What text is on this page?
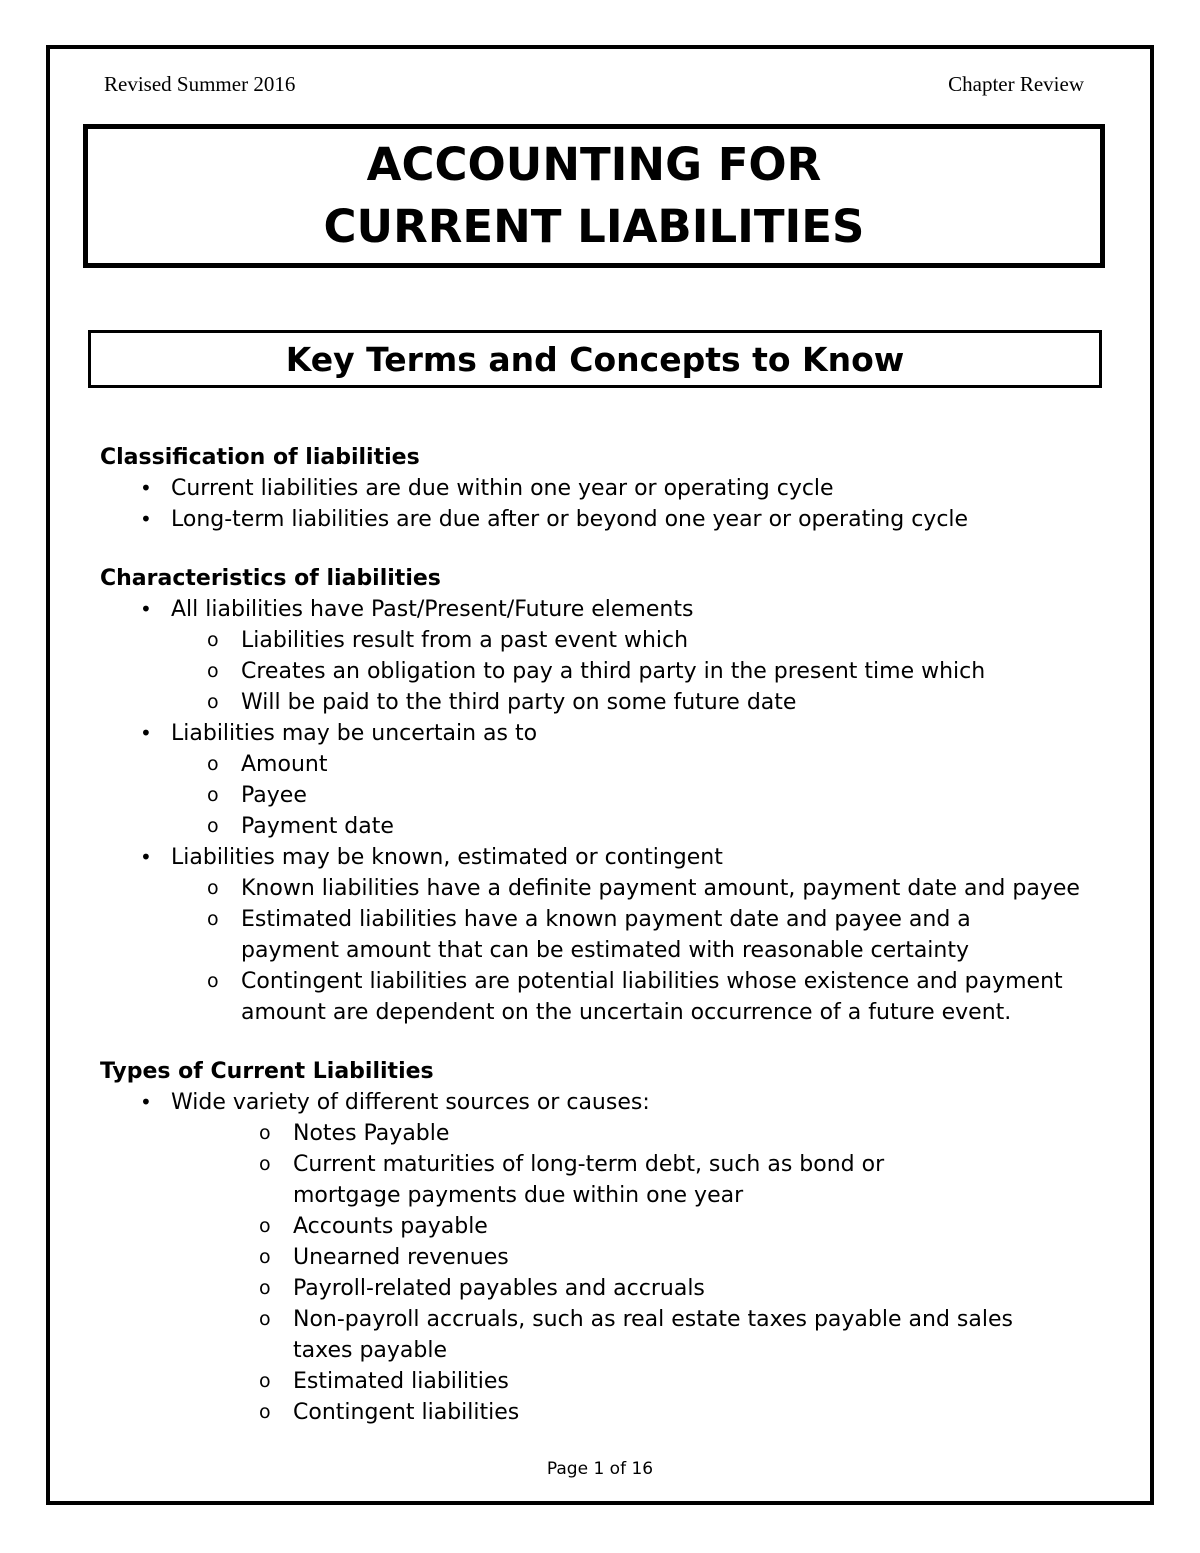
Revised Summer 2016	Chapter Review
ACCOUNTING FOR
CURRENT LIABILITIES
Key Terms and Concepts to Know
Classification of liabilities
• Current liabilities are due within one year or operating cycle
• Long-term liabilities are due after or beyond one year or operating cycle
Characteristics of liabilities
• All liabilities have Past/Present/Future elements
o Liabilities result from a past event which
o Creates an obligation to pay a third party in the present time which
o Will be paid to the third party on some future date
• Liabilities may be uncertain as to
o Amount
o Payee
o Payment date
• Liabilities may be known, estimated or contingent
o Known liabilities have a definite payment amount, payment date and payee
o Estimated liabilities have a known payment date and payee and a
payment amount that can be estimated with reasonable certainty
o Contingent liabilities are potential liabilities whose existence and payment
amount are dependent on the uncertain occurrence of a future event.
Types of Current Liabilities
• Wide variety of different sources or causes:
o Notes Payable
o Current maturities of long-term debt, such as bond or
mortgage payments due within one year
o Accounts payable
o Unearned revenues
o Payroll-related payables and accruals
o Non-payroll accruals, such as real estate taxes payable and sales
taxes payable
o Estimated liabilities
o Contingent liabilities
Page 1 of 16
